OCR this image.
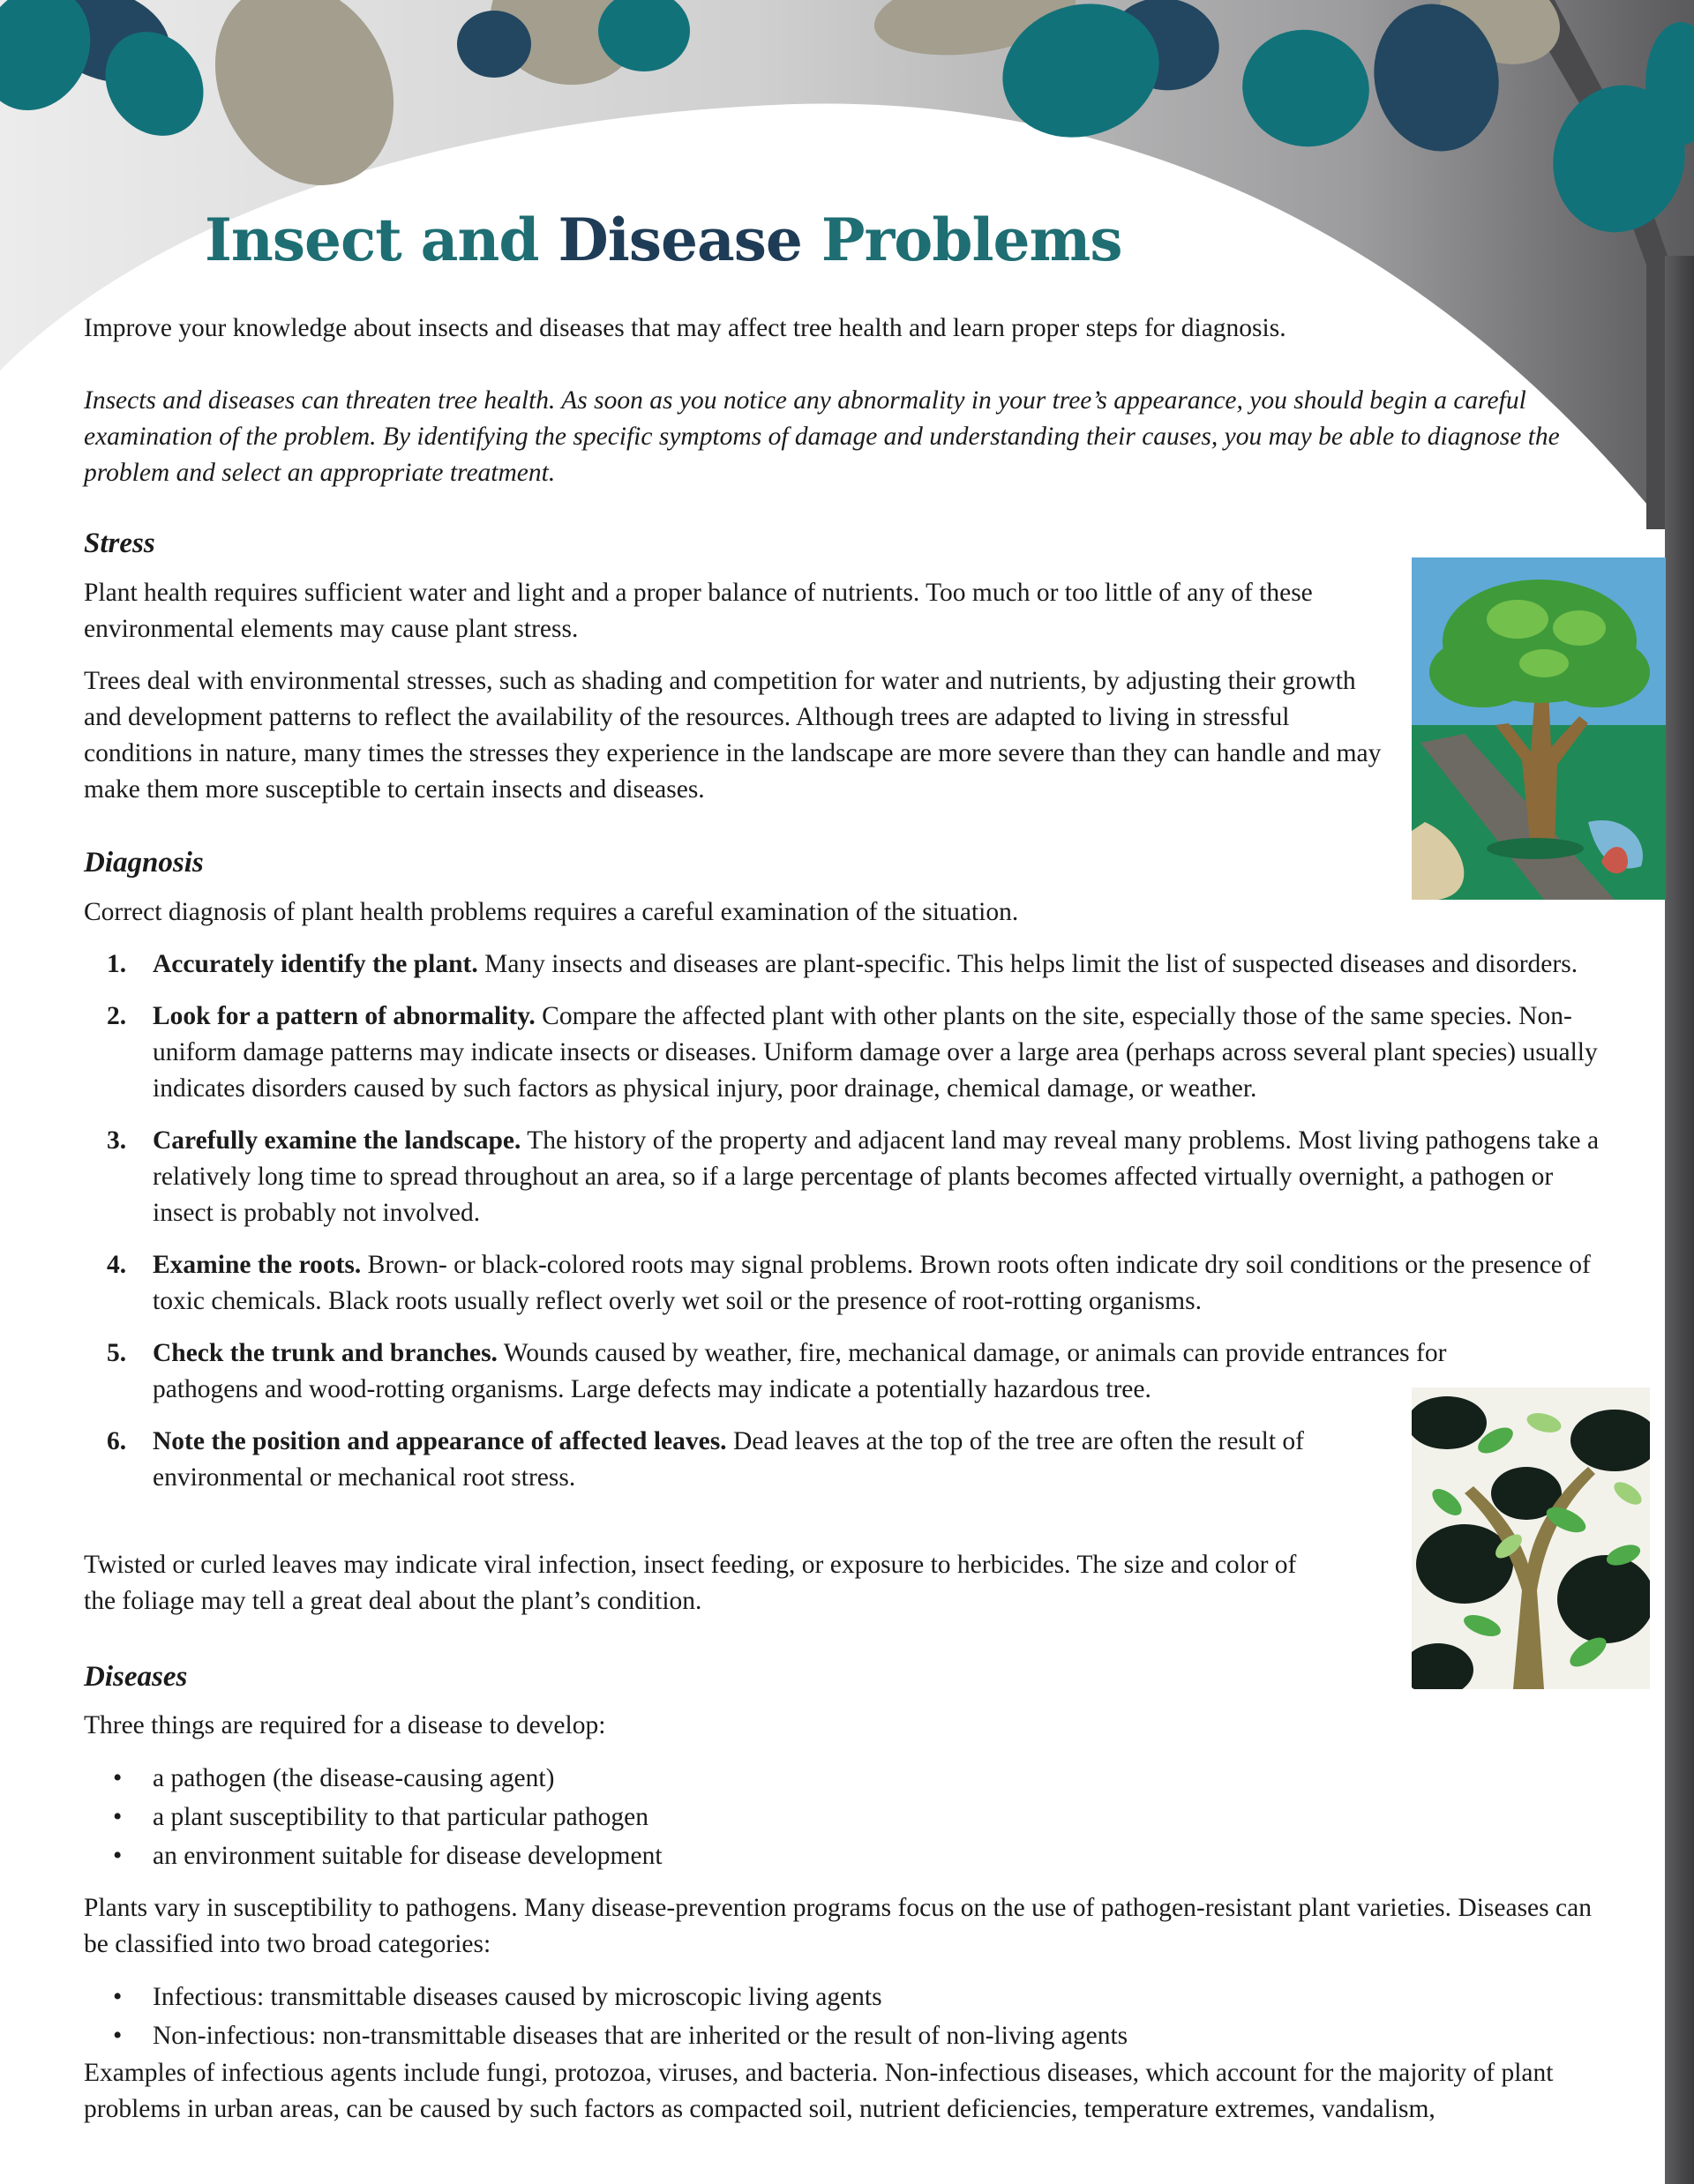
Insect and Disease Problems

Improve your knowledge about insects and diseases that may affect tree health and learn proper steps for diagnosis.

Insects and diseases can threaten tree health. As soon as you notice any abnormality in your tree’s appearance, you should begin a careful examination of the problem. By identifying the specific symptoms of damage and understanding their causes, you may be able to diagnose the problem and select an appropriate treatment.

Stress

Plant health requires sufficient water and light and a proper balance of nutrients. Too much or too little of any of these environmental elements may cause plant stress.

Trees deal with environmental stresses, such as shading and competition for water and nutrients, by adjusting their growth and development patterns to reflect the availability of the resources. Although trees are adapted to living in stressful conditions in nature, many times the stresses they experience in the landscape are more severe than they can handle and may make them more susceptible to certain insects and diseases.

Diagnosis

Correct diagnosis of plant health problems requires a careful examination of the situation.

1. Accurately identify the plant. Many insects and diseases are plant-specific. This helps limit the list of suspected diseases and disorders.
2. Look for a pattern of abnormality. Compare the affected plant with other plants on the site, especially those of the same species. Non-uniform damage patterns may indicate insects or diseases. Uniform damage over a large area (perhaps across several plant species) usually indicates disorders caused by such factors as physical injury, poor drainage, chemical damage, or weather.
3. Carefully examine the landscape. The history of the property and adjacent land may reveal many problems. Most living pathogens take a relatively long time to spread throughout an area, so if a large percentage of plants becomes affected virtually overnight, a pathogen or insect is probably not involved.
4. Examine the roots. Brown- or black-colored roots may signal problems. Brown roots often indicate dry soil conditions or the presence of toxic chemicals. Black roots usually reflect overly wet soil or the presence of root-rotting organisms.
5. Check the trunk and branches. Wounds caused by weather, fire, mechanical damage, or animals can provide entrances for pathogens and wood-rotting organisms. Large defects may indicate a potentially hazardous tree.
6. Note the position and appearance of affected leaves. Dead leaves at the top of the tree are often the result of environmental or mechanical root stress.

Twisted or curled leaves may indicate viral infection, insect feeding, or exposure to herbicides. The size and color of the foliage may tell a great deal about the plant’s condition.

Diseases

Three things are required for a disease to develop:

• a pathogen (the disease-causing agent)
• a plant susceptibility to that particular pathogen
• an environment suitable for disease development

Plants vary in susceptibility to pathogens. Many disease-prevention programs focus on the use of pathogen-resistant plant varieties. Diseases can be classified into two broad categories:

• Infectious: transmittable diseases caused by microscopic living agents
• Non-infectious: non-transmittable diseases that are inherited or the result of non-living agents

Examples of infectious agents include fungi, protozoa, viruses, and bacteria. Non-infectious diseases, which account for the majority of plant problems in urban areas, can be caused by such factors as compacted soil, nutrient deficiencies, temperature extremes, vandalism,
